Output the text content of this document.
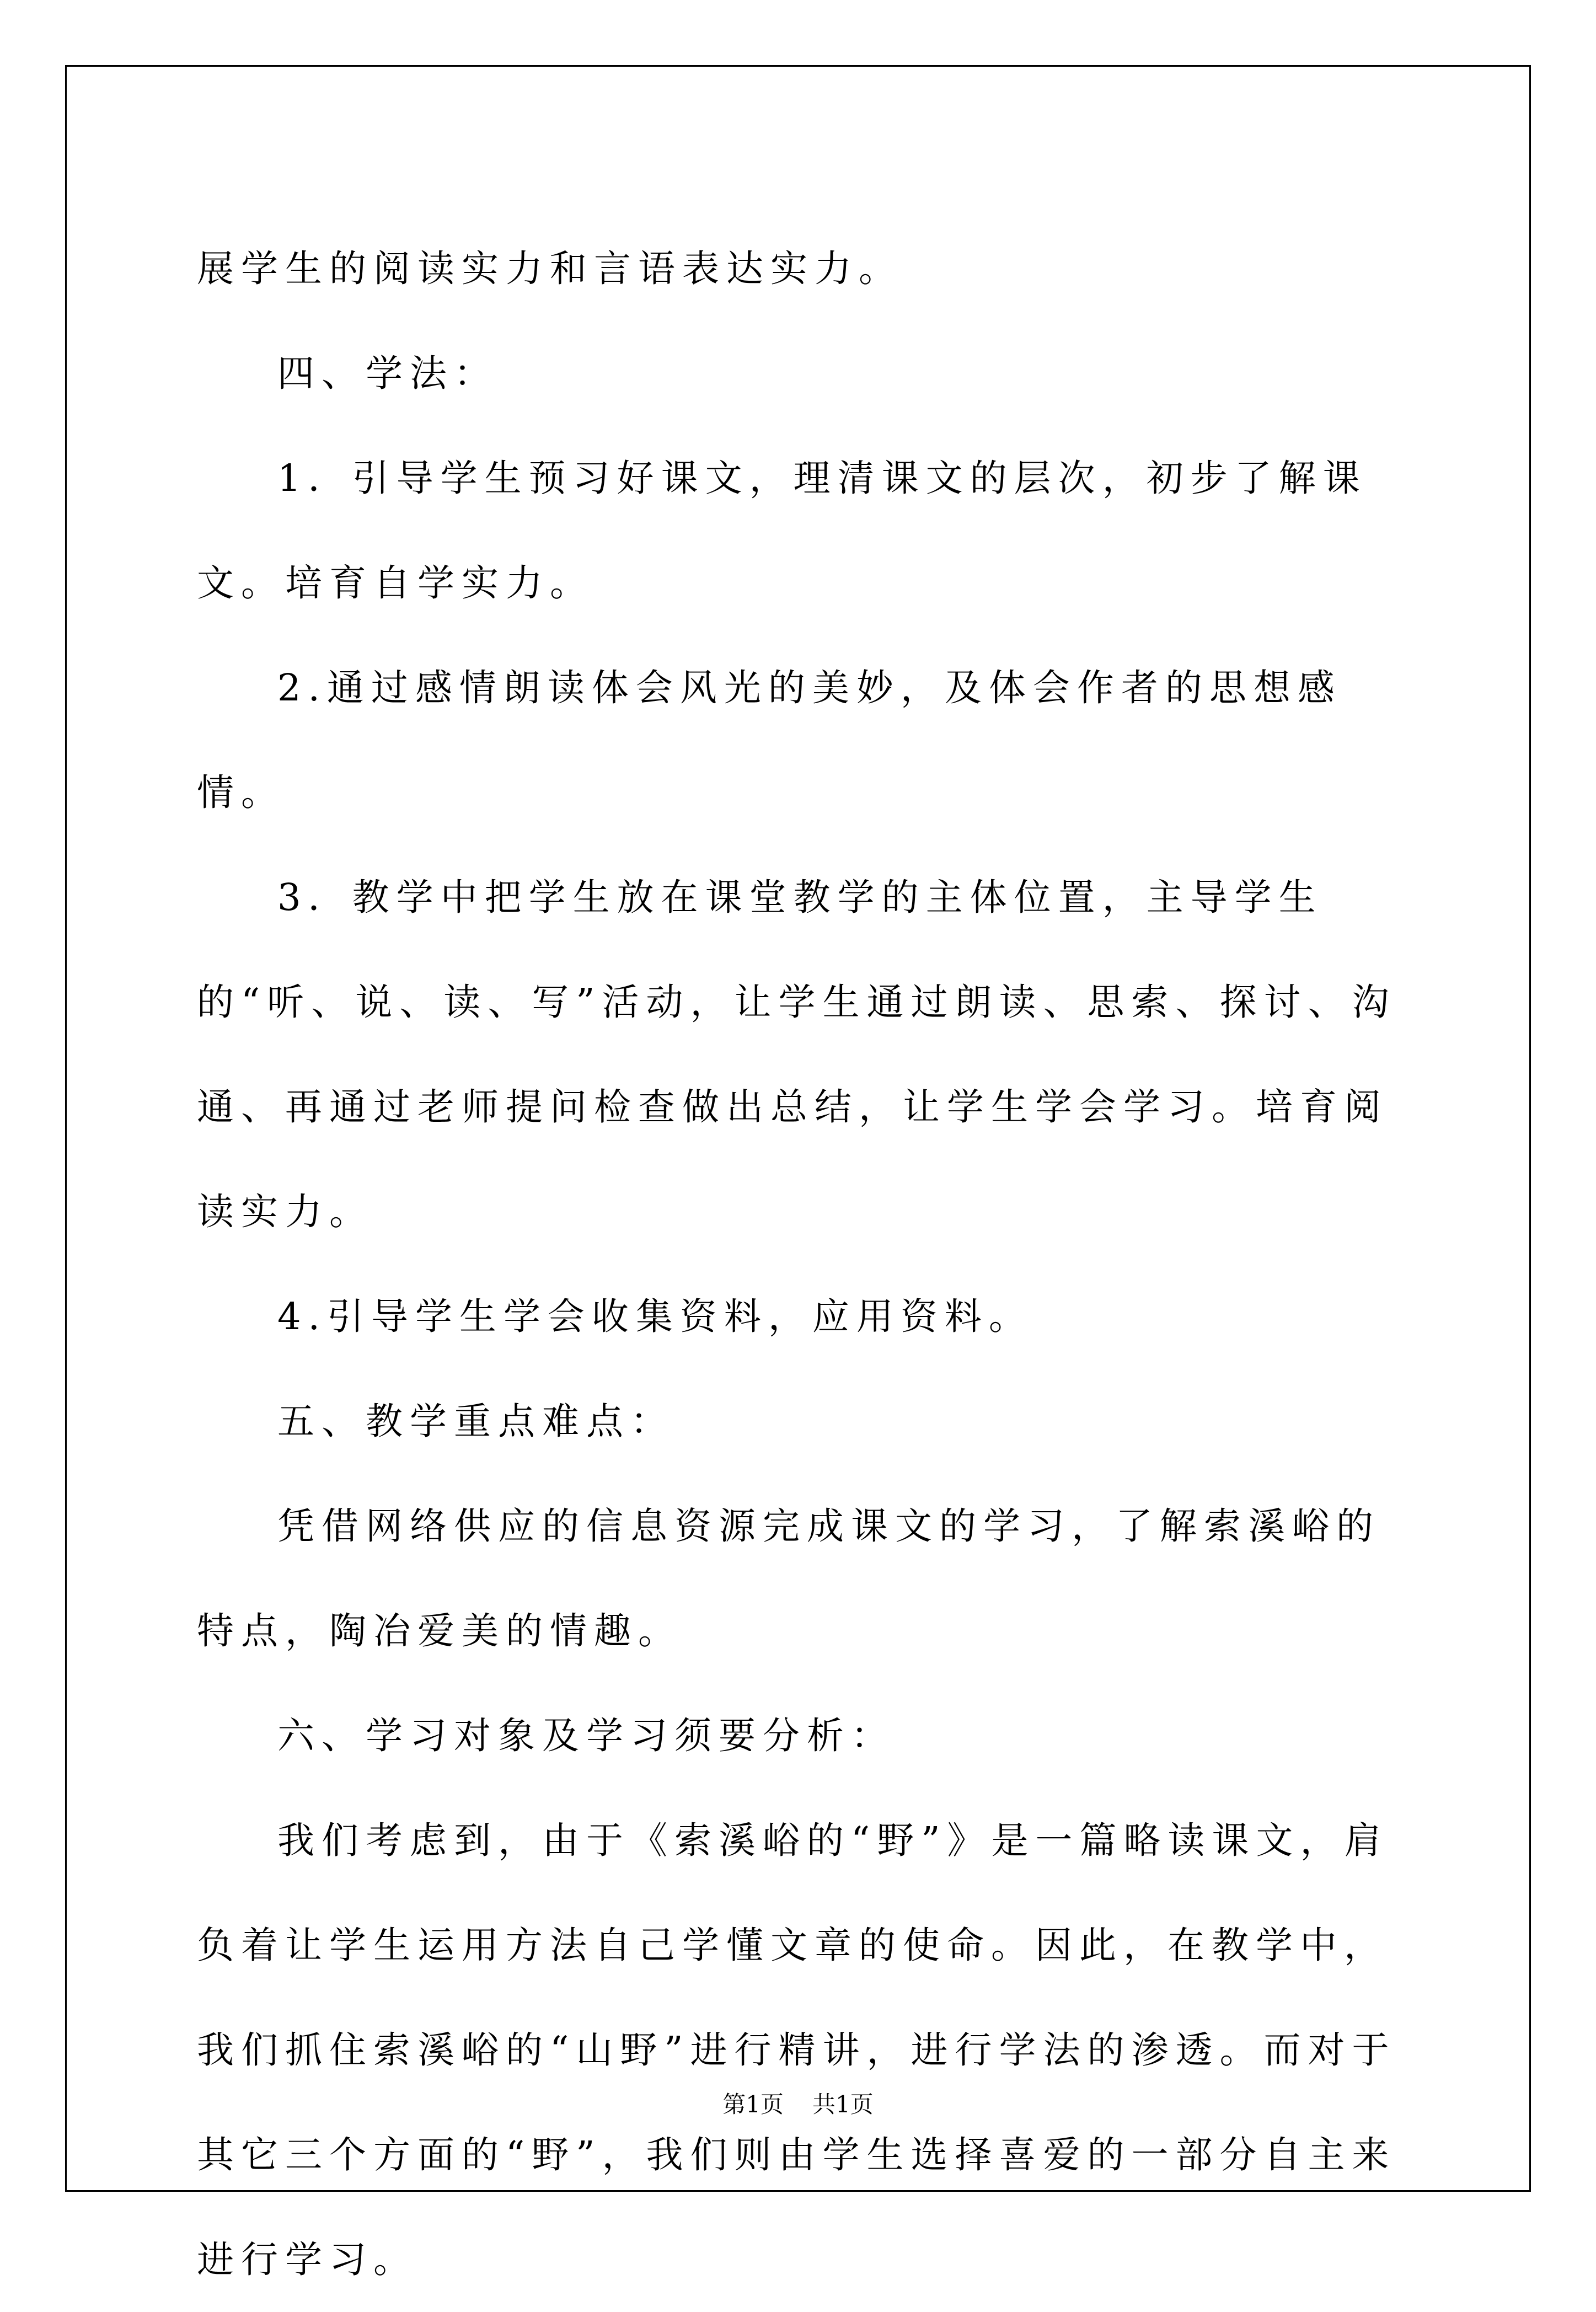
展学生的阅读实力和言语表达实力。

四、学法：

1．引导学生预习好课文，理清课文的层次，初步了解课文。培育自学实力。

2.通过感情朗读体会风光的美妙，及体会作者的思想感情。

3．教学中把学生放在课堂教学的主体位置，主导学生的“听、说、读、写”活动，让学生通过朗读、思索、探讨、沟通、再通过老师提问检查做出总结，让学生学会学习。培育阅读实力。

4.引导学生学会收集资料，应用资料。

五、教学重点难点：

凭借网络供应的信息资源完成课文的学习，了解索溪峪的特点，陶冶爱美的情趣。

六、学习对象及学习须要分析：

我们考虑到，由于《索溪峪的“野”》是一篇略读课文，肩负着让学生运用方法自己学懂文章的使命。因此，在教学中，我们抓住索溪峪的“山野”进行精讲，进行学法的渗透。而对于其它三个方面的“野”，我们则由学生选择喜爱的一部分自主来进行学习。

第1页 共1页
